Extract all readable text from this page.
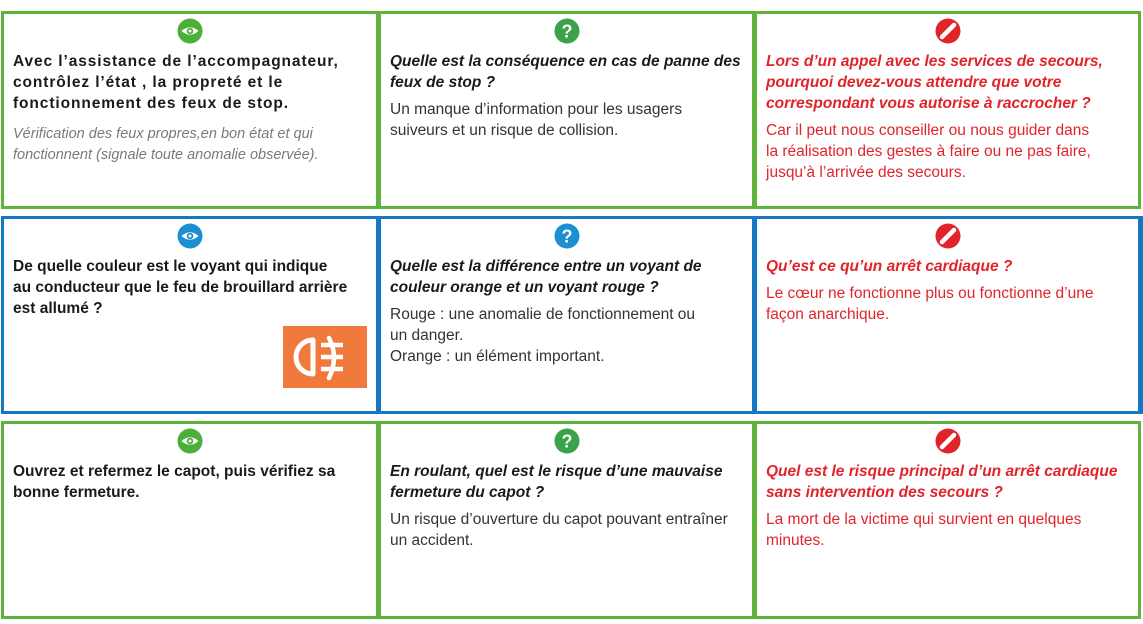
Avec l’assistance de l’accompagnateur,
contrôlez l’état , la propreté et le
fonctionnement des feux de stop.

Vérification des feux propres,en bon état et qui
fonctionnent (signale toute anomalie observée).

?

Quelle est la conséquence en cas de panne des
feux de stop ?

Un manque d’information pour les usagers
suiveurs et un risque de collision.

Lors d’un appel avec les services de secours,
pourquoi devez-vous attendre que votre
correspondant vous autorise à raccrocher ?

Car il peut nous conseiller ou nous guider dans
la réalisation des gestes à faire ou ne pas faire,
jusqu’à l’arrivée des secours.

De quelle couleur est le voyant qui indique
au conducteur que le feu de brouillard arrière
est allumé ?

?

Quelle est la différence entre un voyant de
couleur orange et un voyant rouge ?

Rouge : une anomalie de fonctionnement ou
un danger.
Orange : un élément important.

Qu’est ce qu’un arrêt cardiaque ?

Le cœur ne fonctionne plus ou fonctionne d’une
façon anarchique.

Ouvrez et refermez le capot, puis vérifiez sa
bonne fermeture.

?

En roulant, quel est le risque d’une mauvaise
fermeture du capot ?

Un risque d’ouverture du capot pouvant entraîner
un accident.

Quel est le risque principal d’un arrêt cardiaque
sans intervention des secours ?

La mort de la victime qui survient en quelques
minutes.
